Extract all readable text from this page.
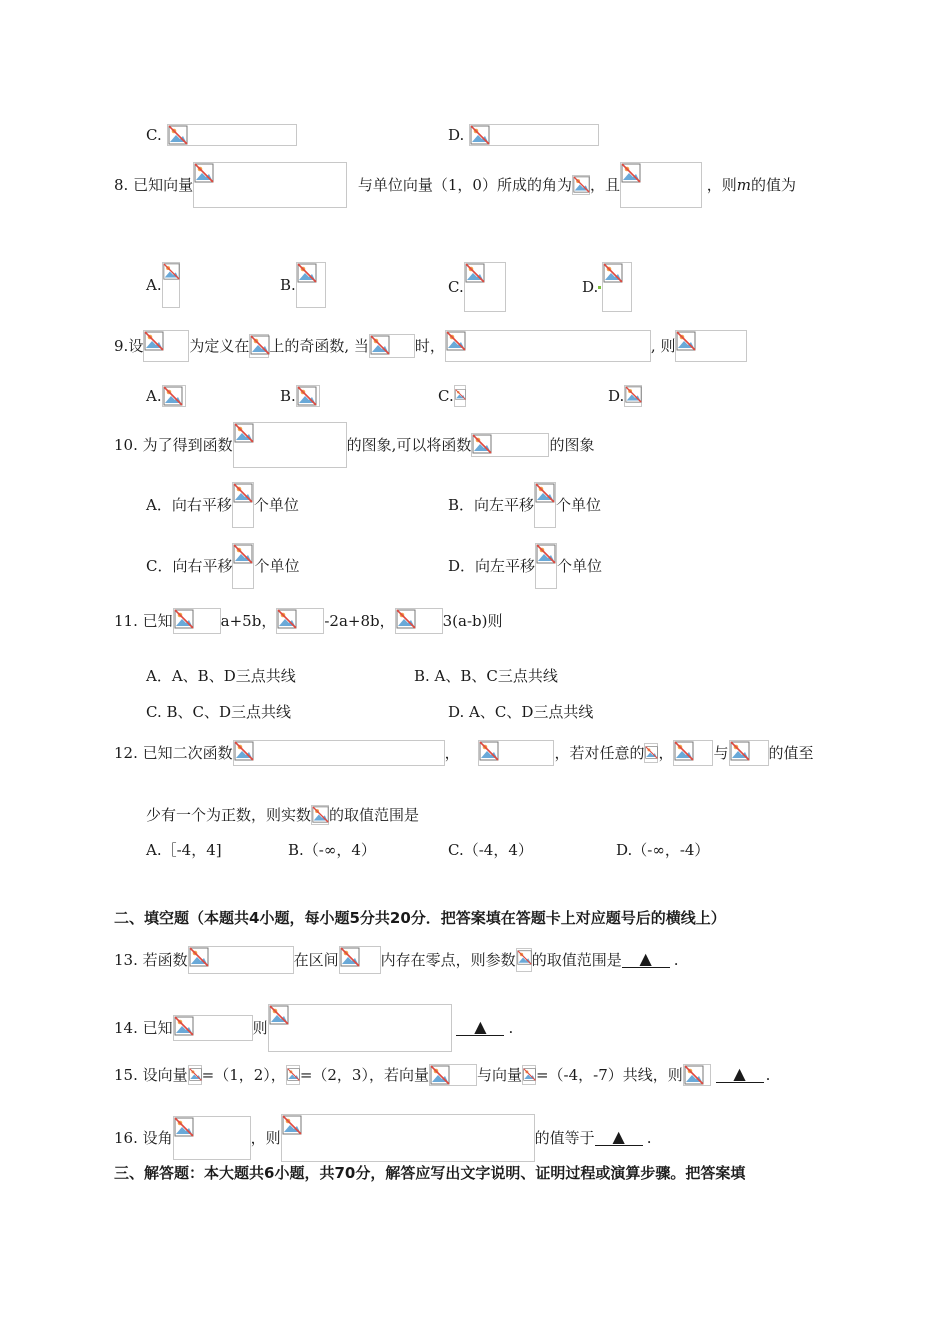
C.	D.
8. 已知向量	与单位向量（1，0）所成的角为 ，且	，则m的值为
A.	B.	C.	D.
9.设	为定义在 上的奇函数, 当	时，	, 则
A.	B.	C.	D.
10. 为了得到函数	的图象,可以将函数	的图象
A．向右平移 个单位	B．向左平移 个单位
C．向右平移 个单位	D．向左平移 个单位
11. 已知	a+5b，	-2a+8b，	3(a-b)则
A．A、B、D三点共线	B. A、B、C三点共线
C. B、C、D三点共线	D. A、C、D三点共线
12. 已知二次函数	，	，若对任意的 ，	与	的值至
少有一个为正数，则实数 的取值范围是
A.［-4，4]	B.（-∞，4）	C.（-4，4）	D.（-∞，-4）
二、填空题（本题共4小题，每小题5分共20分．把答案填在答题卡上对应题号后的横线上）
13. 若函数	在区间	内存在零点，则参数 的取值范围是 ▲ .
14. 已知	则	▲ .
15. 设向量 =（1，2）， =（2，3），若向量	与向量 =（-4，-7）共线，则	▲ .
16. 设角	，则	的值等于 ▲ .
三、解答题：本大题共6小题，共70分，解答应写出文字说明、证明过程或演算步骤。把答案填
